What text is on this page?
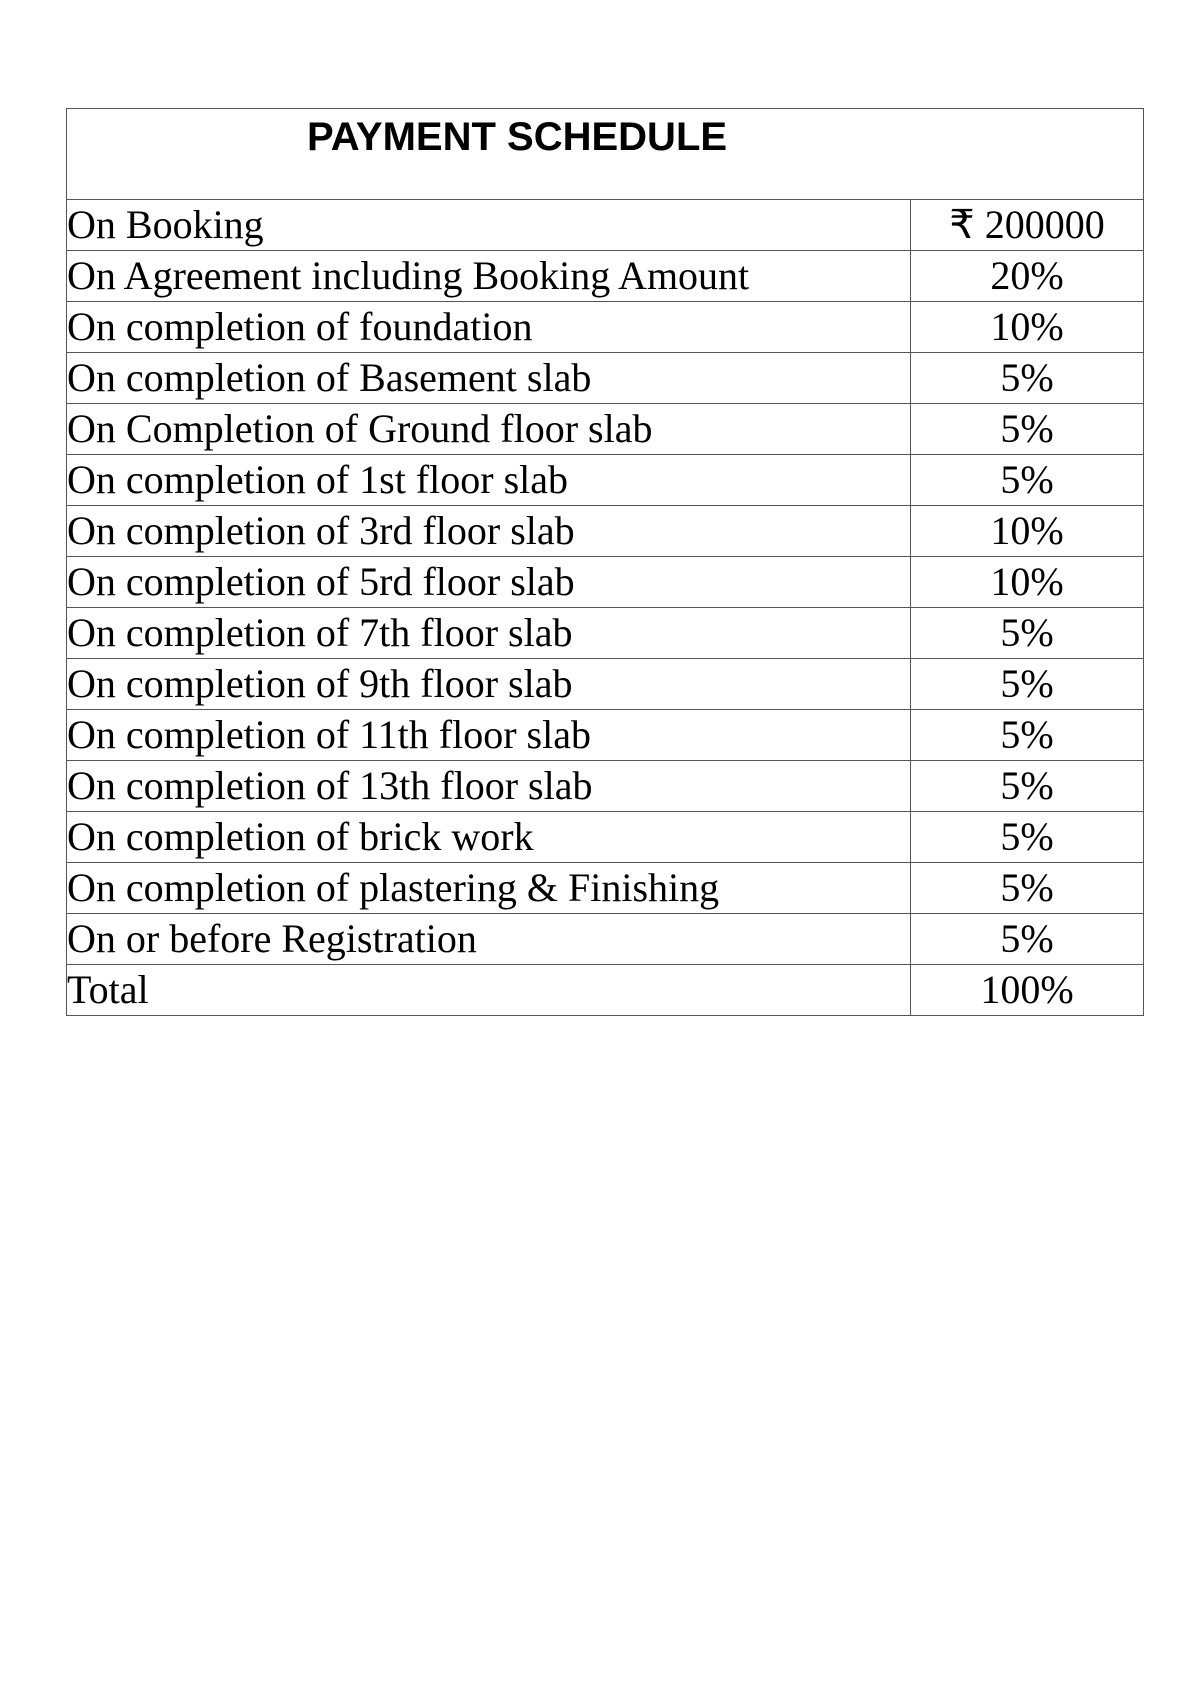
PAYMENT SCHEDULE	

On Booking	₹ 200000
On Agreement including Booking Amount	20%
On completion of foundation	10%
On completion of Basement slab	5%
On Completion of Ground floor slab	5%
On completion of 1st floor slab	5%
On completion of 3rd floor slab	10%
On completion of 5rd floor slab	10%
On completion of 7th floor slab	5%
On completion of 9th floor slab	5%
On completion of 11th floor slab	5%
On completion of 13th floor slab	5%
On completion of brick work	5%
On completion of plastering & Finishing	5%
On or before Registration	5%
Total	100%
